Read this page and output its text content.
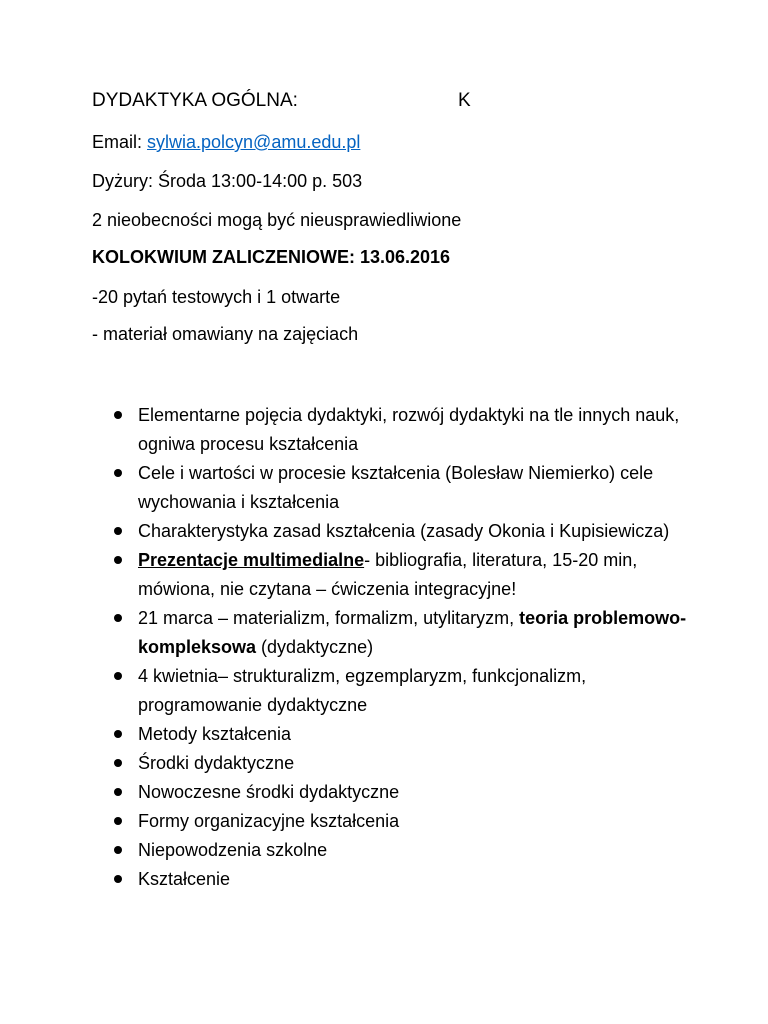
DYDAKTYKA OGÓLNA:	K
Email: sylwia.polcyn@amu.edu.pl
Dyżury: Środa 13:00-14:00 p. 503
2 nieobecności mogą być nieusprawiedliwione
KOLOKWIUM ZALICZENIOWE: 13.06.2016
-20 pytań testowych i 1 otwarte
- materiał omawiany na zajęciach
Elementarne pojęcia dydaktyki, rozwój dydaktyki na tle innych nauk, ogniwa procesu kształcenia
Cele i wartości w procesie kształcenia (Bolesław Niemierko) cele wychowania i kształcenia
Charakterystyka zasad kształcenia (zasady Okonia i Kupisiewicza)
Prezentacje multimedialne- bibliografia, literatura, 15-20 min, mówiona, nie czytana – ćwiczenia integracyjne!
21 marca – materializm, formalizm, utylitaryzm, teoria problemowo-kompleksowa (dydaktyczne)
4 kwietnia– strukturalizm, egzemplaryzm, funkcjonalizm, programowanie dydaktyczne
Metody kształcenia
Środki dydaktyczne
Nowoczesne środki dydaktyczne
Formy organizacyjne kształcenia
Niepowodzenia szkolne
Kształcenie
